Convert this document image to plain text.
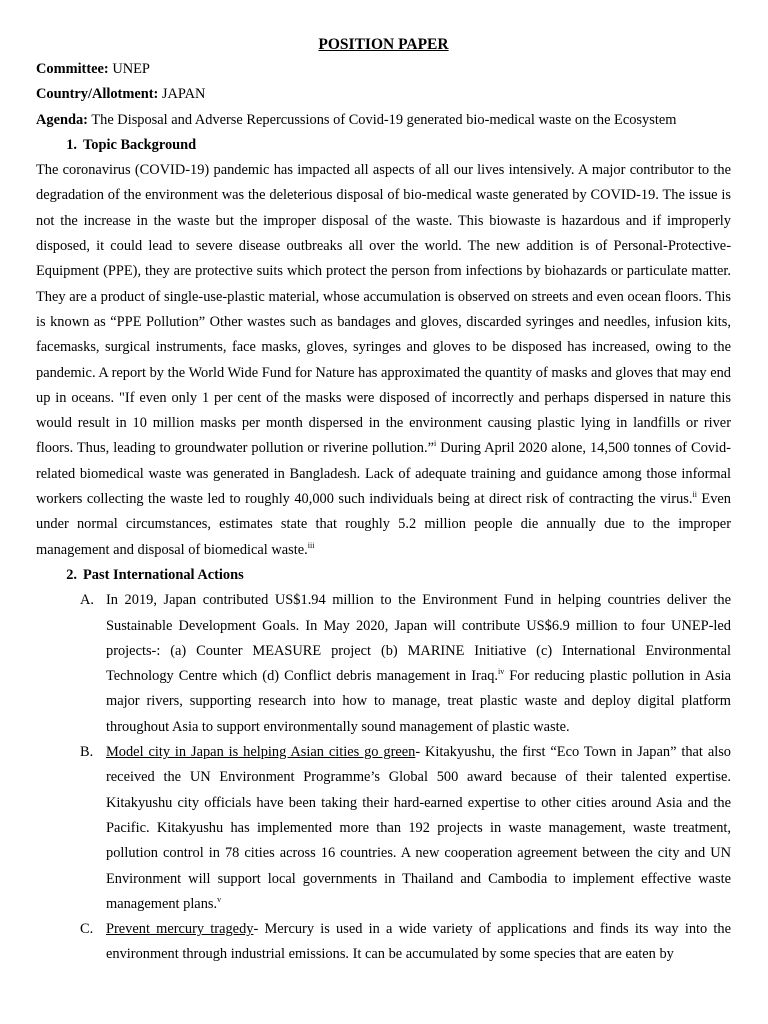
POSITION PAPER

Committee: UNEP

Country/Allotment: JAPAN

Agenda: The Disposal and Adverse Repercussions of Covid-19 generated bio-medical waste on the Ecosystem

1. Topic Background

The coronavirus (COVID-19) pandemic has impacted all aspects of all our lives intensively. A major contributor to the degradation of the environment was the deleterious disposal of bio-medical waste generated by COVID-19. The issue is not the increase in the waste but the improper disposal of the waste. This biowaste is hazardous and if improperly disposed, it could lead to severe disease outbreaks all over the world. The new addition is of Personal-Protective-Equipment (PPE), they are protective suits which protect the person from infections by biohazards or particulate matter. They are a product of single-use-plastic material, whose accumulation is observed on streets and even ocean floors. This is known as “PPE Pollution” Other wastes such as bandages and gloves, discarded syringes and needles, infusion kits, facemasks, surgical instruments, face masks, gloves, syringes and gloves to be disposed has increased, owing to the pandemic. A report by the World Wide Fund for Nature has approximated the quantity of masks and gloves that may end up in oceans. "If even only 1 per cent of the masks were disposed of incorrectly and perhaps dispersed in nature this would result in 10 million masks per month dispersed in the environment causing plastic lying in landfills or river floors. Thus, leading to groundwater pollution or riverine pollution.”$^i$ During April 2020 alone, 14,500 tonnes of Covid-related biomedical waste was generated in Bangladesh. Lack of adequate training and guidance among those informal workers collecting the waste led to roughly 40,000 such individuals being at direct risk of contracting the virus.$^{ii}$ Even under normal circumstances, estimates state that roughly 5.2 million people die annually due to the improper management and disposal of biomedical waste.$^{iii}$

2. Past International Actions

A. In 2019, Japan contributed US$1.94 million to the Environment Fund in helping countries deliver the Sustainable Development Goals. In May 2020, Japan will contribute US$6.9 million to four UNEP-led projects-: (a) Counter MEASURE project (b) MARINE Initiative (c) International Environmental Technology Centre which (d) Conflict debris management in Iraq.$^{iv}$ For reducing plastic pollution in Asia major rivers, supporting research into how to manage, treat plastic waste and deploy digital platform throughout Asia to support environmentally sound management of plastic waste.

B. Model city in Japan is helping Asian cities go green- Kitakyushu, the first “Eco Town in Japan” that also received the UN Environment Programme’s Global 500 award because of their talented expertise. Kitakyushu city officials have been taking their hard-earned expertise to other cities around Asia and the Pacific. Kitakyushu has implemented more than 192 projects in waste management, waste treatment, pollution control in 78 cities across 16 countries. A new cooperation agreement between the city and UN Environment will support local governments in Thailand and Cambodia to implement effective waste management plans.$^v$

C. Prevent mercury tragedy- Mercury is used in a wide variety of applications and finds its way into the environment through industrial emissions. It can be accumulated by some species that are eaten by
